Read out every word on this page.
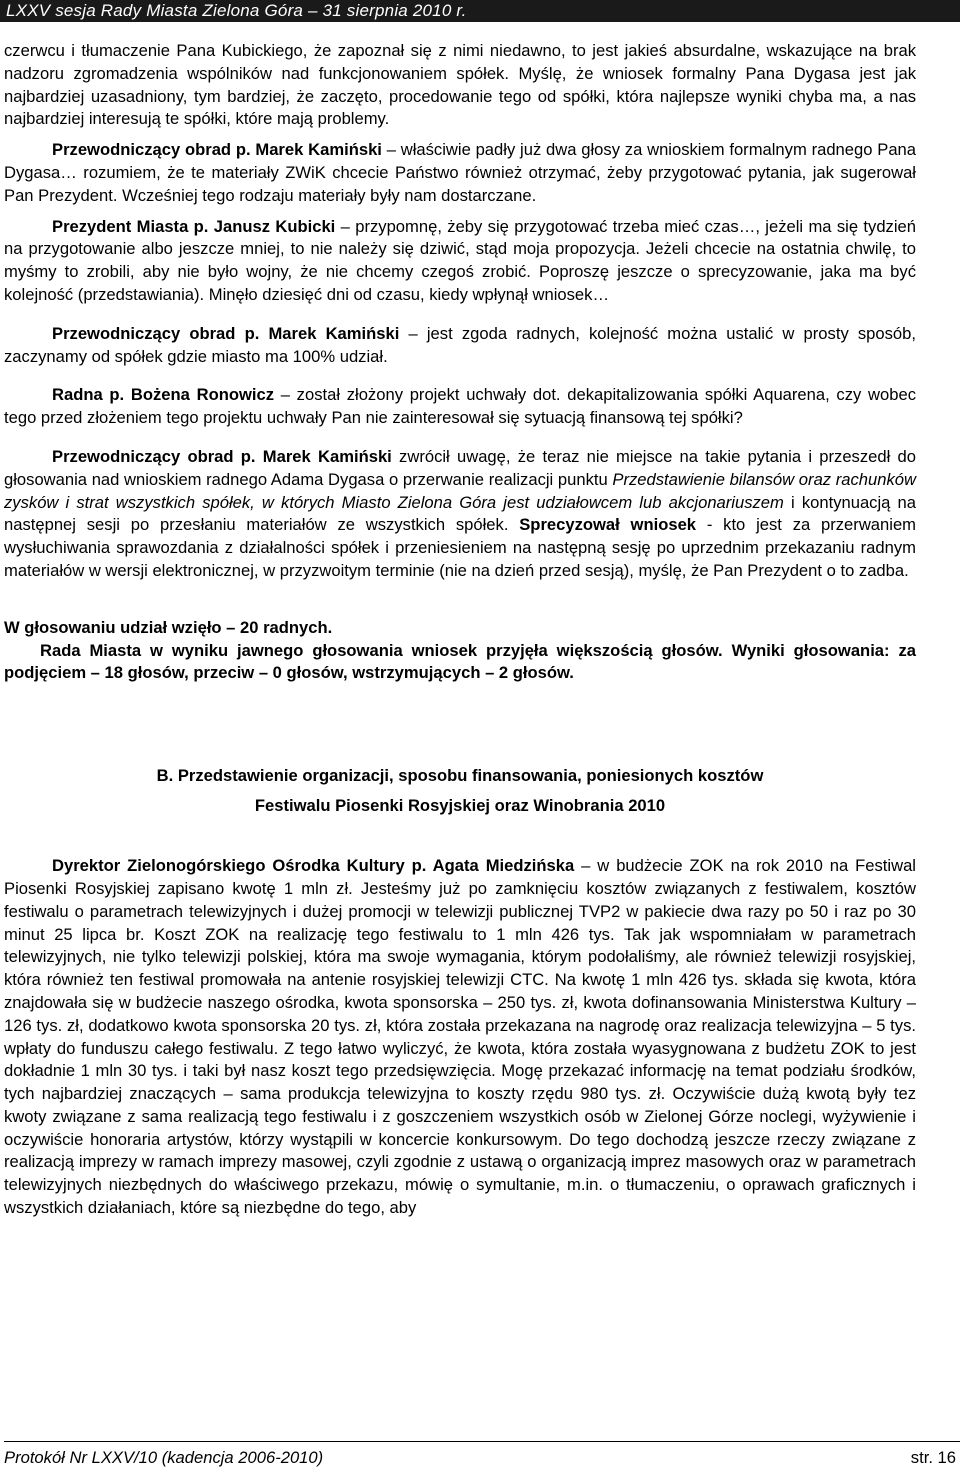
LXXV sesja Rady Miasta Zielona Góra – 31 sierpnia 2010 r.

czerwcu i tłumaczenie Pana Kubickiego, że zapoznał się z nimi niedawno, to jest jakieś absurdalne, wskazujące na brak nadzoru zgromadzenia wspólników nad funkcjonowaniem spółek. Myślę, że wniosek formalny Pana Dygasa jest jak najbardziej uzasadniony, tym bardziej, że zaczęto, procedowanie tego od spółki, która najlepsze wyniki chyba ma, a nas najbardziej interesują te spółki, które mają problemy.

Przewodniczący obrad p. Marek Kamiński – właściwie padły już dwa głosy za wnioskiem formalnym radnego Pana Dygasa… rozumiem, że te materiały ZWiK chcecie Państwo również otrzymać, żeby przygotować pytania, jak sugerował Pan Prezydent. Wcześniej tego rodzaju materiały były nam dostarczane.

Prezydent Miasta p. Janusz Kubicki – przypomnę, żeby się przygotować trzeba mieć czas…, jeżeli ma się tydzień na przygotowanie albo jeszcze mniej, to nie należy się dziwić, stąd moja propozycja. Jeżeli chcecie na ostatnia chwilę, to myśmy to zrobili, aby nie było wojny, że nie chcemy czegoś zrobić. Poproszę jeszcze o sprecyzowanie, jaka ma być kolejność (przedstawiania). Minęło dziesięć dni od czasu, kiedy wpłynął wniosek…

Przewodniczący obrad p. Marek Kamiński – jest zgoda radnych, kolejność można ustalić w prosty sposób, zaczynamy od spółek gdzie miasto ma 100% udział.

Radna p. Bożena Ronowicz – został złożony projekt uchwały dot. dekapitalizowania spółki Aquarena, czy wobec tego przed złożeniem tego projektu uchwały Pan nie zainteresował się sytuacją finansową tej spółki?

Przewodniczący obrad p. Marek Kamiński zwrócił uwagę, że teraz nie miejsce na takie pytania i przeszedł do głosowania nad wnioskiem radnego Adama Dygasa o przerwanie realizacji punktu Przedstawienie bilansów oraz rachunków zysków i strat wszystkich spółek, w których Miasto Zielona Góra jest udziałowcem lub akcjonariuszem i kontynuacją na następnej sesji po przesłaniu materiałów ze wszystkich spółek. Sprecyzował wniosek - kto jest za przerwaniem wysłuchiwania sprawozdania z działalności spółek i przeniesieniem na następną sesję po uprzednim przekazaniu radnym materiałów w wersji elektronicznej, w przyzwoitym terminie (nie na dzień przed sesją), myślę, że Pan Prezydent o to zadba.

W głosowaniu udział wzięło – 20 radnych.

Rada Miasta w wyniku jawnego głosowania wniosek przyjęła większością głosów. Wyniki głosowania: za podjęciem – 18 głosów, przeciw – 0 głosów, wstrzymujących – 2 głosów.

B. Przedstawienie organizacji, sposobu finansowania, poniesionych kosztów

Festiwalu Piosenki Rosyjskiej oraz Winobrania 2010

Dyrektor Zielonogórskiego Ośrodka Kultury p. Agata Miedzińska – w budżecie ZOK na rok 2010 na Festiwal Piosenki Rosyjskiej zapisano kwotę 1 mln zł. Jesteśmy już po zamknięciu kosztów związanych z festiwalem, kosztów festiwalu o parametrach telewizyjnych i dużej promocji w telewizji publicznej TVP2 w pakiecie dwa razy po 50 i raz po 30 minut 25 lipca br. Koszt ZOK na realizację tego festiwalu to 1 mln 426 tys. Tak jak wspomniałam w parametrach telewizyjnych, nie tylko telewizji polskiej, która ma swoje wymagania, którym podołaliśmy, ale również telewizji rosyjskiej, która również ten festiwal promowała na antenie rosyjskiej telewizji CTC. Na kwotę 1 mln 426 tys. składa się kwota, która znajdowała się w budżecie naszego ośrodka, kwota sponsorska – 250 tys. zł, kwota dofinansowania Ministerstwa Kultury – 126 tys. zł, dodatkowo kwota sponsorska 20 tys. zł, która została przekazana na nagrodę oraz realizacja telewizyjna – 5 tys. wpłaty do funduszu całego festiwalu. Z tego łatwo wyliczyć, że kwota, która została wyasygnowana z budżetu ZOK to jest dokładnie 1 mln 30 tys. i taki był nasz koszt tego przedsięwzięcia. Mogę przekazać informację na temat podziału środków, tych najbardziej znaczących – sama produkcja telewizyjna to koszty rzędu 980 tys. zł. Oczywiście dużą kwotą były tez kwoty związane z sama realizacją tego festiwalu i z goszczeniem wszystkich osób w Zielonej Górze noclegi, wyżywienie i oczywiście honoraria artystów, którzy wystąpili w koncercie konkursowym. Do tego dochodzą jeszcze rzeczy związane z realizacją imprezy w ramach imprezy masowej, czyli zgodnie z ustawą o organizacją imprez masowych oraz w parametrach telewizyjnych niezbędnych do właściwego przekazu, mówię o symultanie, m.in. o tłumaczeniu, o oprawach graficznych i wszystkich działaniach, które są niezbędne do tego, aby

Protokół Nr LXXV/10 (kadencja 2006-2010)	str. 16
